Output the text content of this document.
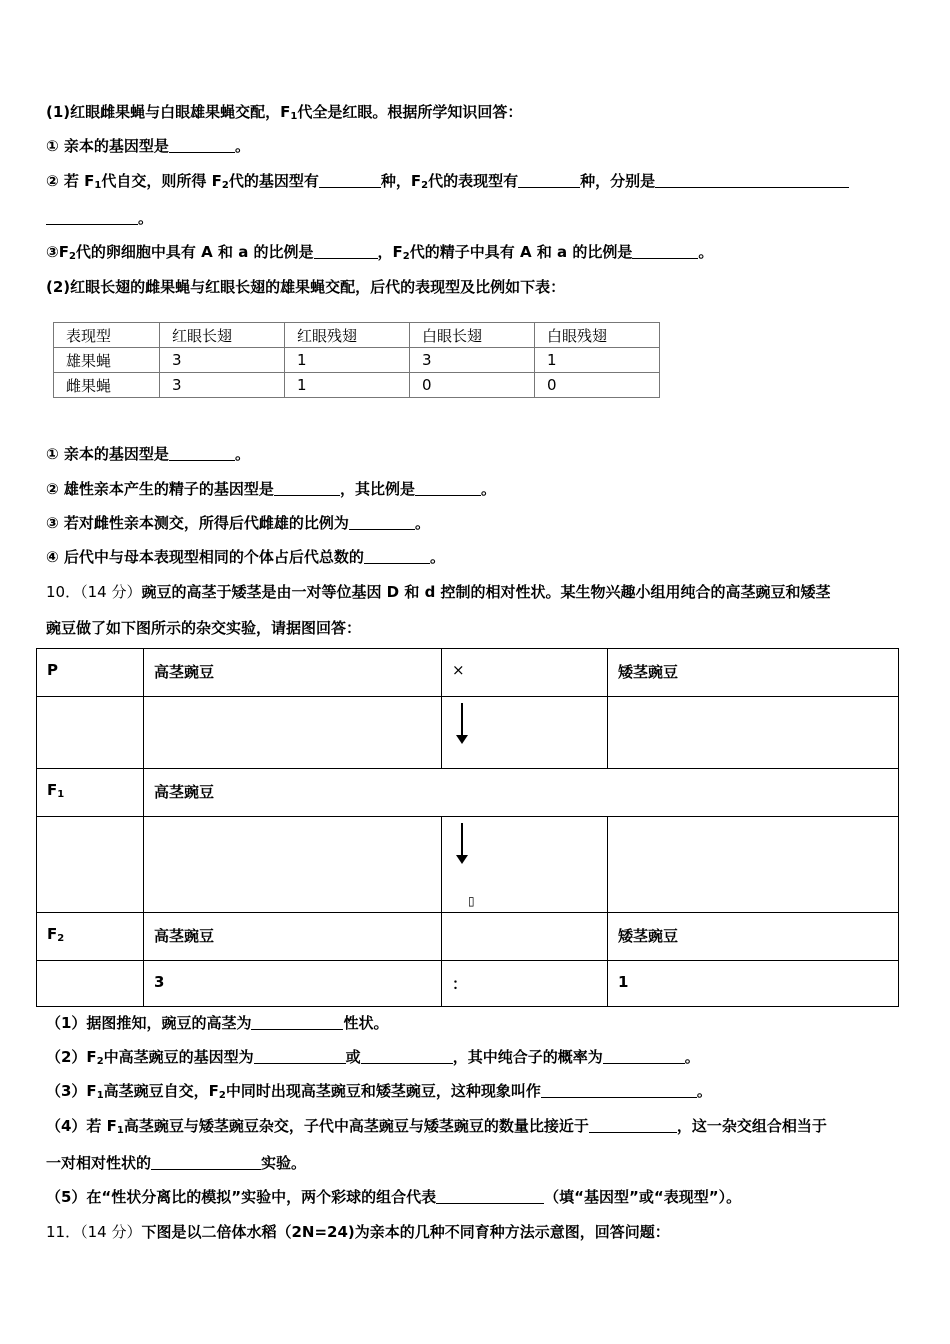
(1)红眼雌果蝇与白眼雄果蝇交配，$F_1$代全是红眼。根据所学知识回答：
① 亲本的基因型是	。
② 若 $F_1$代自交，则所得 $F_2$代的基因型有	种，$F_2$代的表现型有	种，分别是
。
$③F_2$代的卵细胞中具有 A 和 a 的比例是	，$F_2$代的精子中具有 A 和 a 的比例是	。
(2)红眼长翅的雌果蝇与红眼长翅的雄果蝇交配，后代的表现型及比例如下表：
表现型	红眼长翅	红眼残翅	白眼长翅	白眼残翅
雄果蝇	3	1	3	1
雌果蝇	3	1	0	0
① 亲本的基因型是	。
② 雄性亲本产生的精子的基因型是	，其比例是	。
③ 若对雌性亲本测交，所得后代雌雄的比例为	。
④ 后代中与母本表现型相同的个体占后代总数的	。
10．（14 分）豌豆的高茎于矮茎是由一对等位基因 D 和 d 控制的相对性状。某生物兴趣小组用纯合的高茎豌豆和矮茎
豌豆做了如下图所示的杂交实验，请据图回答：
P	高茎豌豆	×	矮茎豌豆

$F_1$	高茎豌豆		

$_▯$	
$F_2$	高茎豌豆		矮茎豌豆
	3	：	1
（1）据图推知，豌豆的高茎为	性状。
$(2)F_2$中高茎豌豆的基因型为	或	，其中纯合子的概率为	。
$(3)F_1$高茎豌豆自交，$F_2$中同时出现高茎豌豆和矮茎豌豆，这种现象叫作	。
（4）若 $F_1$高茎豌豆与矮茎豌豆杂交，子代中高茎豌豆与矮茎豌豆的数量比接近于	，这一杂交组合相当于
一对相对性状的	实验。
（5）在“性状分离比的模拟”实验中，两个彩球的组合代表	（填“基因型”或“表现型”）。
11．（14 分）下图是以二倍体水稻（2N=24)为亲本的几种不同育种方法示意图，回答问题：
